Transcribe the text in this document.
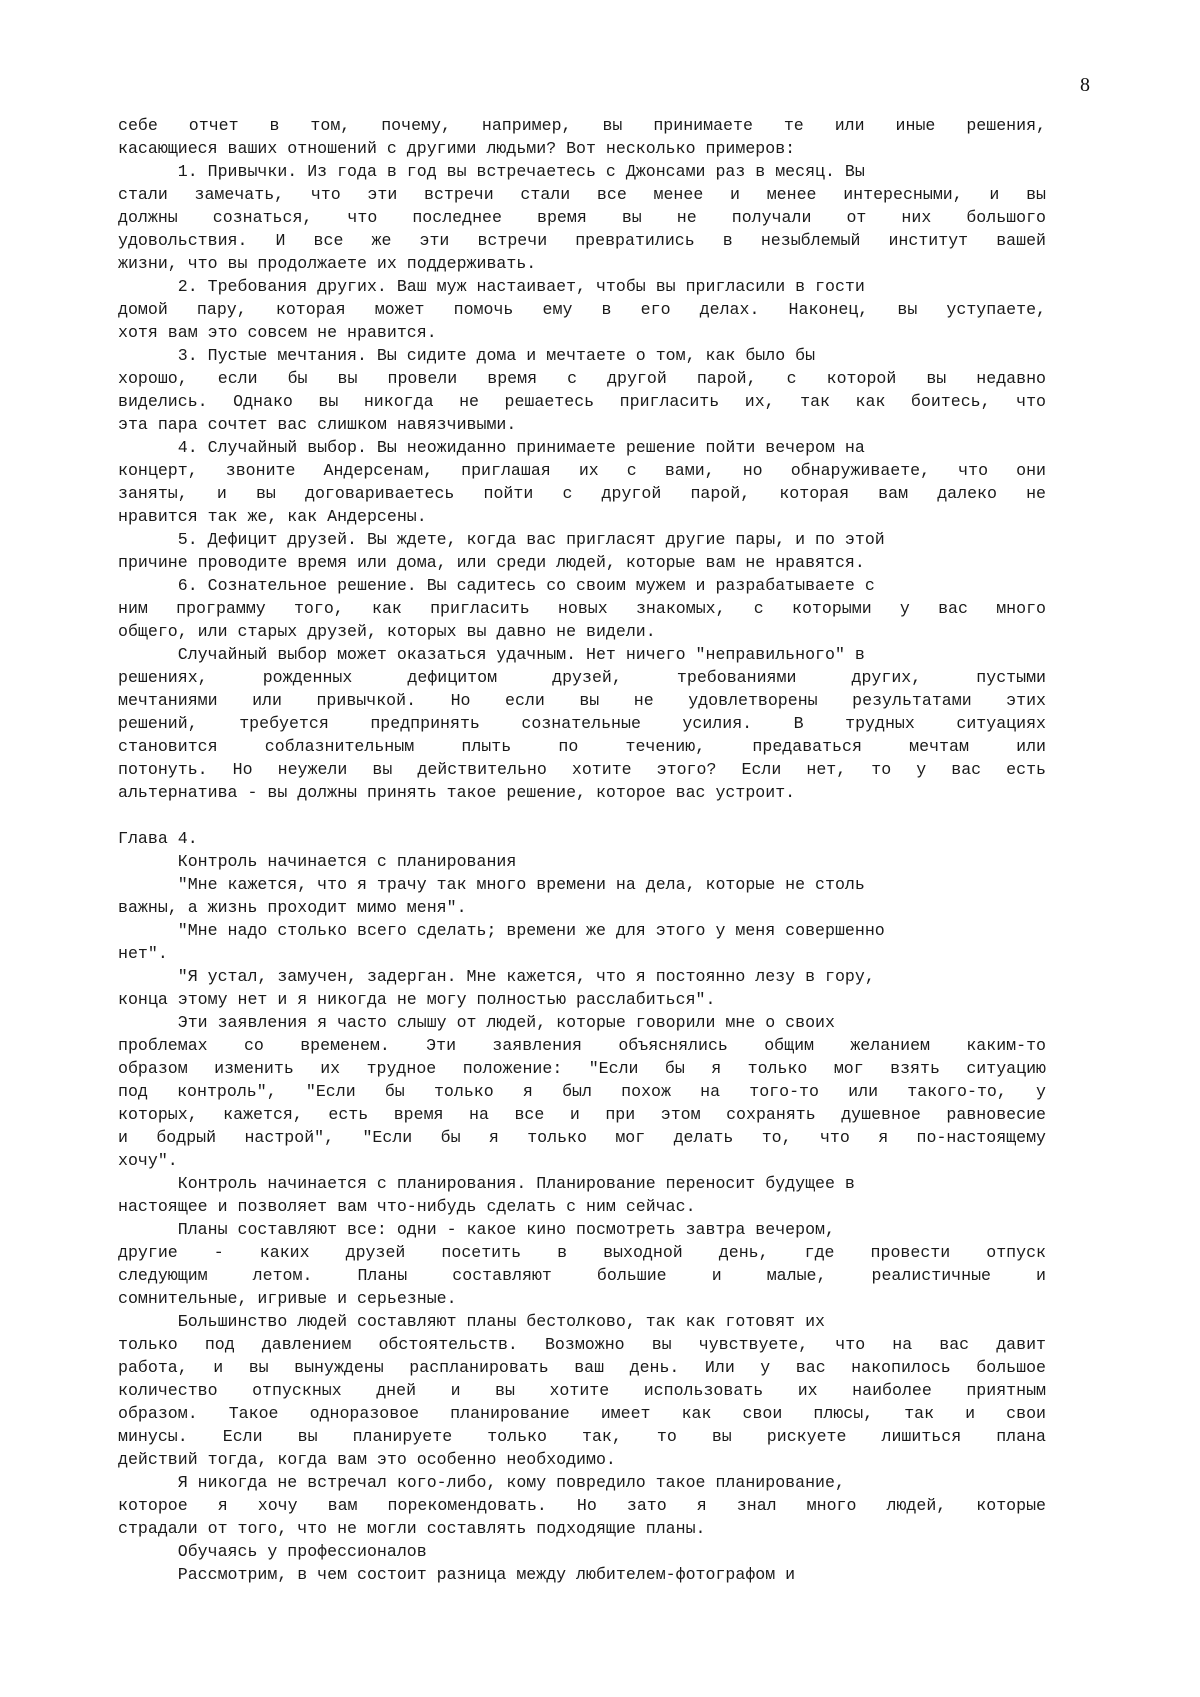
8
себе отчет в том, почему, например, вы принимаете те или иные решения,
касающиеся ваших отношений с другими людьми? Вот несколько примеров:
1. Привычки. Из года в год вы встречаетесь с Джонсами раз в месяц. Вы
стали замечать, что эти встречи стали все менее и менее интересными, и вы
должны сознаться, что последнее время вы не получали от них большого
удовольствия. И все же эти встречи превратились в незыблемый институт вашей
жизни, что вы продолжаете их поддерживать.
2. Требования других. Ваш муж настаивает, чтобы вы пригласили в гости
домой пару, которая может помочь ему в его делах. Наконец, вы уступаете,
хотя вам это совсем не нравится.
3. Пустые мечтания. Вы сидите дома и мечтаете о том, как было бы
хорошо, если бы вы провели время с другой парой, с которой вы недавно
виделись. Однако вы никогда не решаетесь пригласить их, так как боитесь, что
эта пара сочтет вас слишком навязчивыми.
4. Случайный выбор. Вы неожиданно принимаете решение пойти вечером на
концерт, звоните Андерсенам, приглашая их с вами, но обнаруживаете, что они
заняты, и вы договариваетесь пойти с другой парой, которая вам далеко не
нравится так же, как Андерсены.
5. Дефицит друзей. Вы ждете, когда вас пригласят другие пары, и по этой
причине проводите время или дома, или среди людей, которые вам не нравятся.
6. Сознательное решение. Вы садитесь со своим мужем и разрабатываете с
ним программу того, как пригласить новых знакомых, с которыми у вас много
общего, или старых друзей, которых вы давно не видели.
Случайный выбор может оказаться удачным. Нет ничего "неправильного" в
решениях, рожденных дефицитом друзей, требованиями других, пустыми
мечтаниями или привычкой. Но если вы не удовлетворены результатами этих
решений, требуется предпринять сознательные усилия. В трудных ситуациях
становится соблазнительным плыть по течению, предаваться мечтам или
потонуть. Но неужели вы действительно хотите этого? Если нет, то у вас есть
альтернатива - вы должны принять такое решение, которое вас устроит.
Глава 4.
Контроль начинается с планирования
"Мне кажется, что я трачу так много времени на дела, которые не столь
важны, а жизнь проходит мимо меня".
"Мне надо столько всего сделать; времени же для этого у меня совершенно
нет".
"Я устал, замучен, задерган. Мне кажется, что я постоянно лезу в гору,
конца этому нет и я никогда не могу полностью расслабиться".
Эти заявления я часто слышу от людей, которые говорили мне о своих
проблемах со временем. Эти заявления объяснялись общим желанием каким-то
образом изменить их трудное положение: "Если бы я только мог взять ситуацию
под контроль", "Если бы только я был похож на того-то или такого-то, у
которых, кажется, есть время на все и при этом сохранять душевное равновесие
и бодрый настрой", "Если бы я только мог делать то, что я по-настоящему
хочу".
Контроль начинается с планирования. Планирование переносит будущее в
настоящее и позволяет вам что-нибудь сделать с ним сейчас.
Планы составляют все: одни - какое кино посмотреть завтра вечером,
другие - каких друзей посетить в выходной день, где провести отпуск
следующим летом. Планы составляют большие и малые, реалистичные и
сомнительные, игривые и серьезные.
Большинство людей составляют планы бестолково, так как готовят их
только под давлением обстоятельств. Возможно вы чувствуете, что на вас давит
работа, и вы вынуждены распланировать ваш день. Или у вас накопилось большое
количество отпускных дней и вы хотите использовать их наиболее приятным
образом. Такое одноразовое планирование имеет как свои плюсы, так и свои
минусы. Если вы планируете только так, то вы рискуете лишиться плана
действий тогда, когда вам это особенно необходимо.
Я никогда не встречал кого-либо, кому повредило такое планирование,
которое я хочу вам порекомендовать. Но зато я знал много людей, которые
страдали от того, что не могли составлять подходящие планы.
Обучаясь у профессионалов
Рассмотрим, в чем состоит разница между любителем-фотографом и
